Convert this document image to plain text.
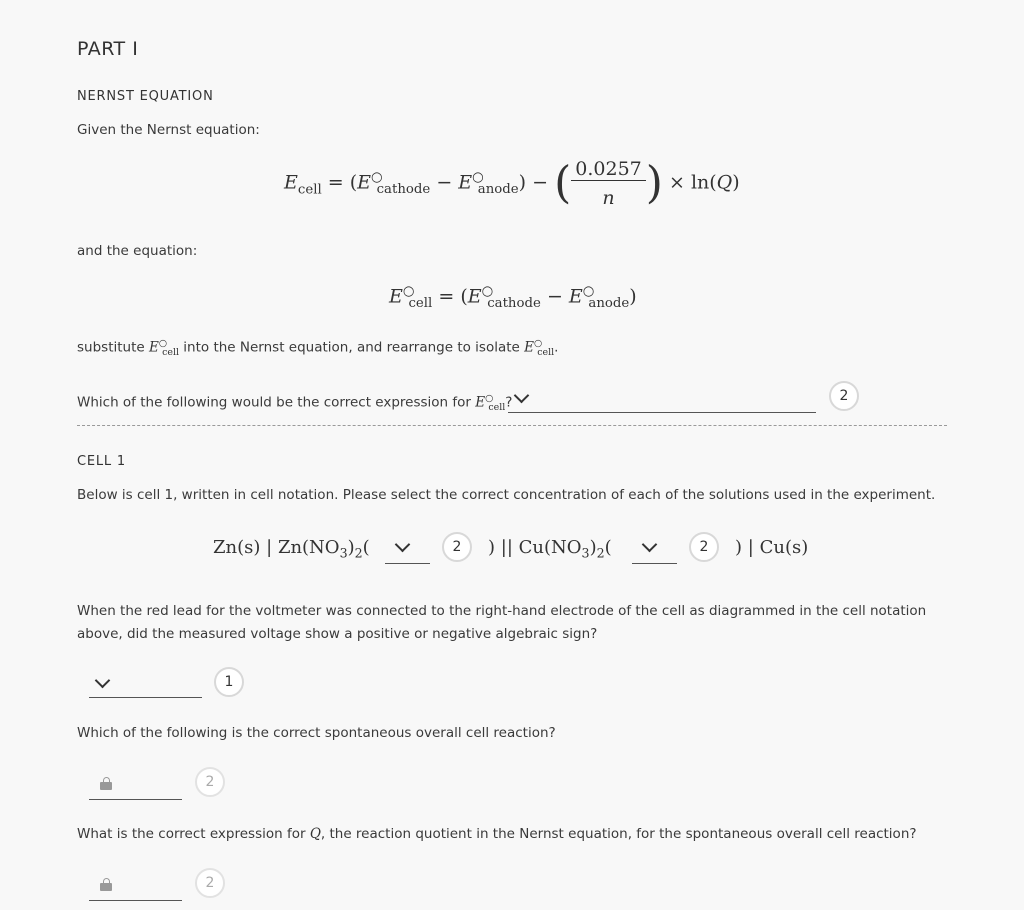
PART I
NERNST EQUATION
Given the Nernst equation:
$E_{cell} = (E^○_{cathode} - E^○_{anode})$ − ( $\frac{0.0257}{n}$ ) × ln(Q)
and the equation:
$E^○_{cell} = (E^○_{cathode} - E^○_{anode})$
substitute $E^○_{cell}$ into the Nernst equation, and rearrange to isolate $E^○_{cell}$.
Which of the following would be the correct expression for $E^○_{cell}$?	2
CELL 1
Below is cell 1, written in cell notation. Please select the correct concentration of each of the solutions used in the experiment.
Zn(s) | $Zn(NO_3)_2$(	2	) || $Cu(NO_3)_2$(	2	) | Cu(s)
When the red lead for the voltmeter was connected to the right-hand electrode of the cell as diagrammed in the cell notation above, did the measured voltage show a positive or negative algebraic sign?
1
Which of the following is the correct spontaneous overall cell reaction?
2
What is the correct expression for Q, the reaction quotient in the Nernst equation, for the spontaneous overall cell reaction?
2
